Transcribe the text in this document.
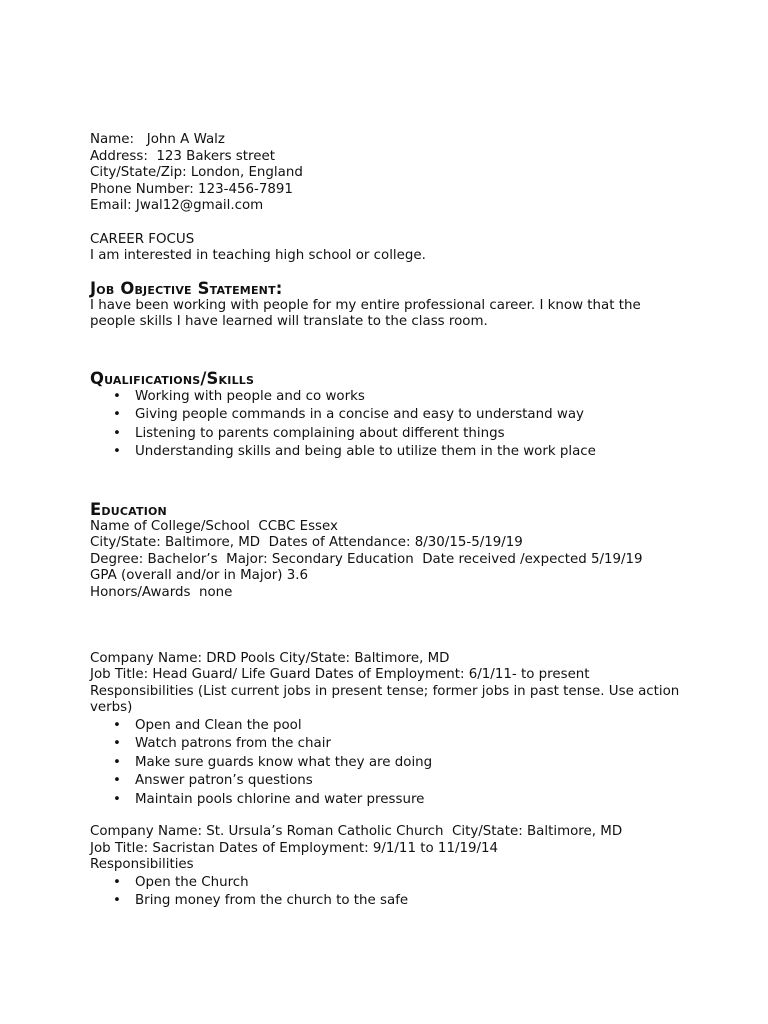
Name:   John A Walz

Address:  123 Bakers street

City/State/Zip: London, England

Phone Number: 123-456-7891

Email: Jwal12@gmail.com

CAREER FOCUS

I am interested in teaching high school or college.

Job Objective Statement:

I have been working with people for my entire professional career. I know that the people skills I have learned will translate to the class room.

Qualifications/Skills

• Working with people and co works
• Giving people commands in a concise and easy to understand way
• Listening to parents complaining about different things
• Understanding skills and being able to utilize them in the work place

Education

Name of College/School  CCBC Essex

City/State: Baltimore, MD  Dates of Attendance: 8/30/15-5/19/19

Degree: Bachelor’s  Major: Secondary Education  Date received /expected 5/19/19

GPA (overall and/or in Major) 3.6

Honors/Awards  none

Company Name: DRD Pools City/State: Baltimore, MD

Job Title: Head Guard/ Life Guard Dates of Employment: 6/1/11- to present

Responsibilities (List current jobs in present tense; former jobs in past tense. Use action verbs)

• Open and Clean the pool
• Watch patrons from the chair
• Make sure guards know what they are doing
• Answer patron’s questions
• Maintain pools chlorine and water pressure

Company Name: St. Ursula’s Roman Catholic Church  City/State: Baltimore, MD

Job Title: Sacristan Dates of Employment: 9/1/11 to 11/19/14

Responsibilities

• Open the Church
• Bring money from the church to the safe
